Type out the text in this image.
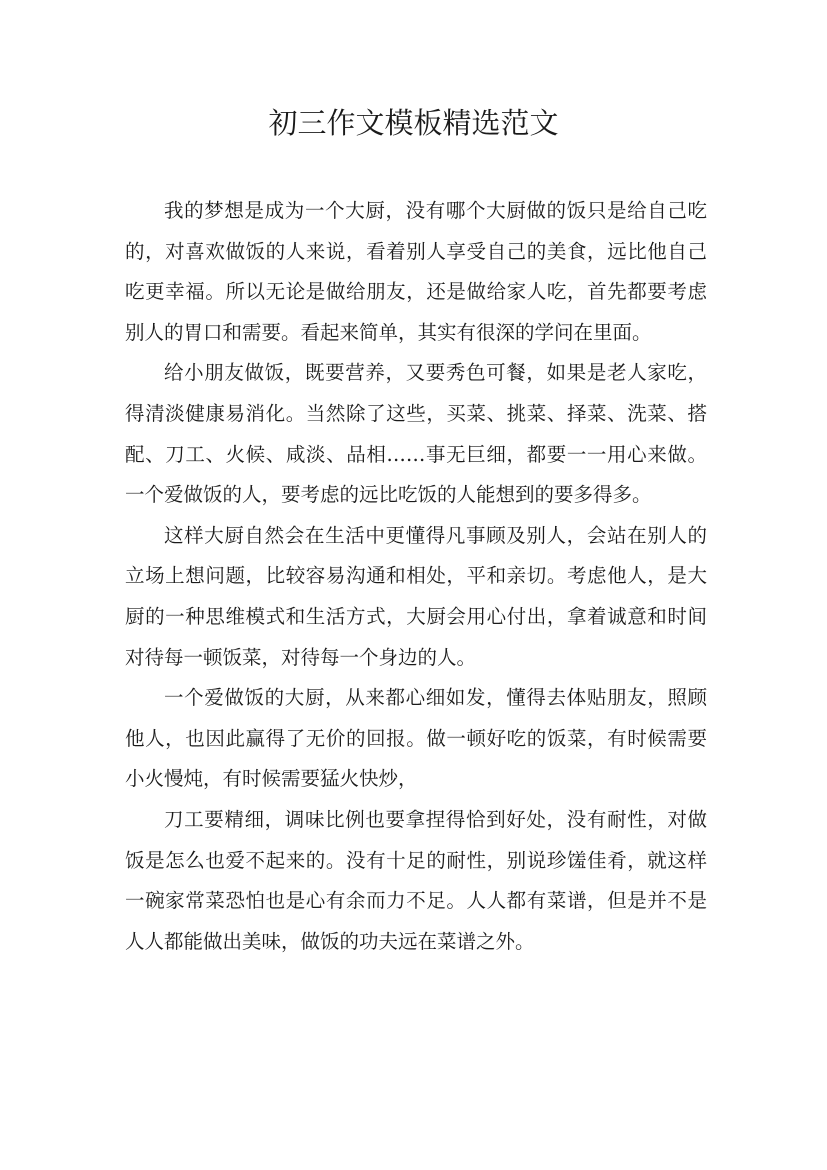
初三作文模板精选范文

我的梦想是成为一个大厨，没有哪个大厨做的饭只是给自己吃的，对喜欢做饭的人来说，看着别人享受自己的美食，远比他自己吃更幸福。所以无论是做给朋友，还是做给家人吃，首先都要考虑别人的胃口和需要。看起来简单，其实有很深的学问在里面。

给小朋友做饭，既要营养，又要秀色可餐，如果是老人家吃，得清淡健康易消化。当然除了这些，买菜、挑菜、择菜、洗菜、搭配、刀工、火候、咸淡、品相……事无巨细，都要一一用心来做。一个爱做饭的人，要考虑的远比吃饭的人能想到的要多得多。

这样大厨自然会在生活中更懂得凡事顾及别人，会站在别人的立场上想问题，比较容易沟通和相处，平和亲切。考虑他人，是大厨的一种思维模式和生活方式，大厨会用心付出，拿着诚意和时间对待每一顿饭菜，对待每一个身边的人。

一个爱做饭的大厨，从来都心细如发，懂得去体贴朋友，照顾他人，也因此赢得了无价的回报。做一顿好吃的饭菜，有时候需要小火慢炖，有时候需要猛火快炒，

刀工要精细，调味比例也要拿捏得恰到好处，没有耐性，对做饭是怎么也爱不起来的。没有十足的耐性，别说珍馐佳肴，就这样一碗家常菜恐怕也是心有余而力不足。人人都有菜谱，但是并不是人人都能做出美味，做饭的功夫远在菜谱之外。
